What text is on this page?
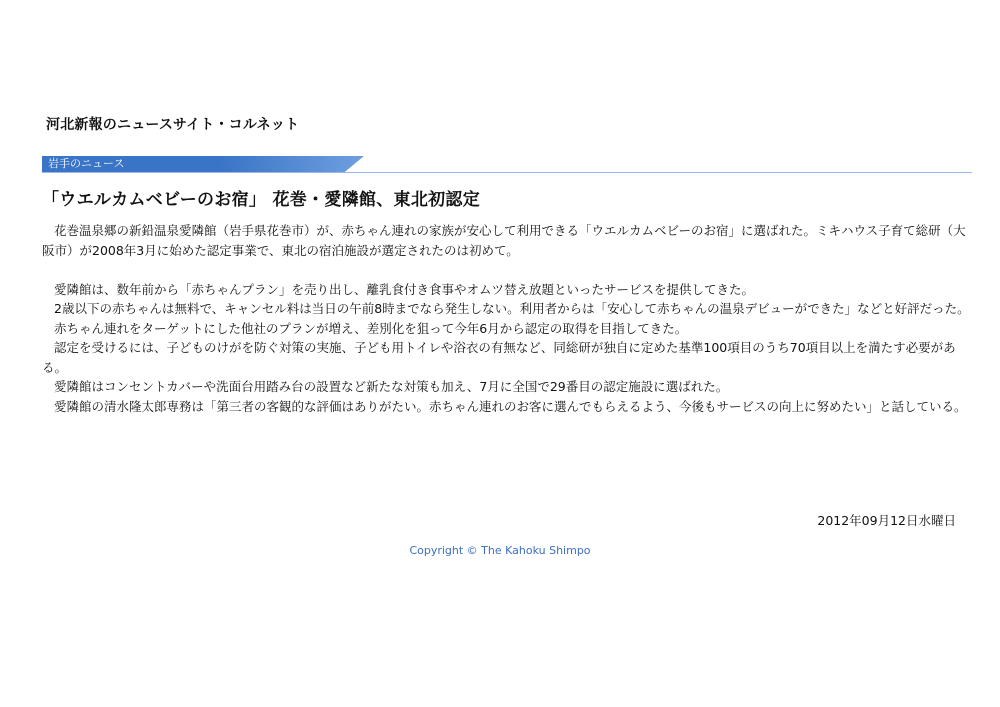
河北新報のニュースサイト・コルネット
岩手のニュース
「ウエルカムベビーのお宿」 花巻・愛隣館、東北初認定

花巻温泉郷の新鉛温泉愛隣館（岩手県花巻市）が、赤ちゃん連れの家族が安心して利用できる「ウエルカムベビーのお宿」に選ばれた。ミキハウス子育て総研（大阪市）が2008年3月に始めた認定事業で、東北の宿泊施設が選定されたのは初めて。

愛隣館は、数年前から「赤ちゃんプラン」を売り出し、離乳食付き食事やオムツ替え放題といったサービスを提供してきた。

2歳以下の赤ちゃんは無料で、キャンセル料は当日の午前8時までなら発生しない。利用者からは「安心して赤ちゃんの温泉デビューができた」などと好評だった。

赤ちゃん連れをターゲットにした他社のプランが増え、差別化を狙って今年6月から認定の取得を目指してきた。

認定を受けるには、子どものけがを防ぐ対策の実施、子ども用トイレや浴衣の有無など、同総研が独自に定めた基準100項目のうち70項目以上を満たす必要がある。

愛隣館はコンセントカバーや洗面台用踏み台の設置など新たな対策も加え、7月に全国で29番目の認定施設に選ばれた。

愛隣館の清水隆太郎専務は「第三者の客観的な評価はありがたい。赤ちゃん連れのお客に選んでもらえるよう、今後もサービスの向上に努めたい」と話している。

2012年09月12日水曜日
Copyright © The Kahoku Shimpo
